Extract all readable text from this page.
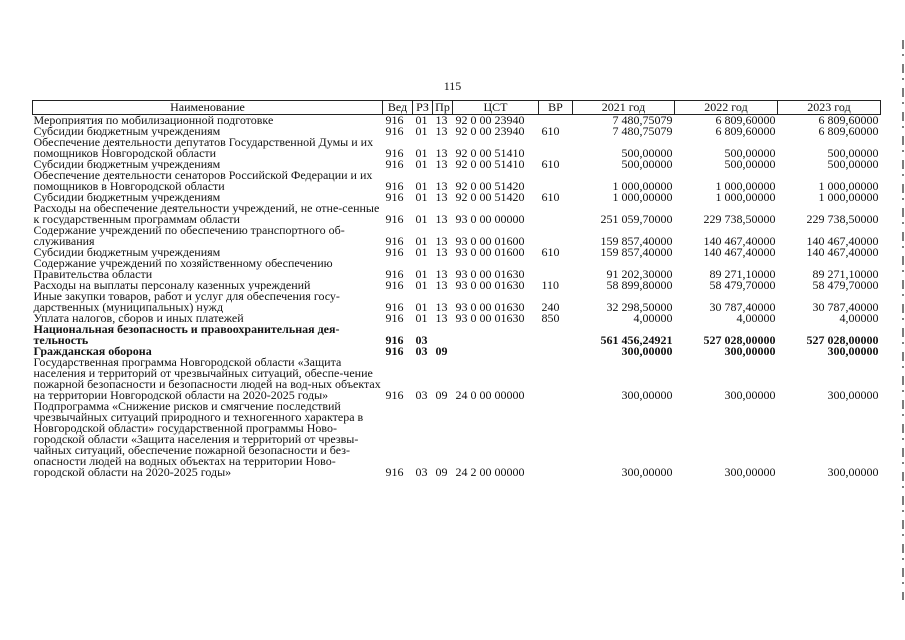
115
Наименование	Вед	РЗ	Пр	ЦСТ	ВР	2021 год	2022 год	2023 год
Мероприятия по мобилизационной подготовке	916	01	13	92 0 00 23940		7 480,75079	6 809,60000	6 809,60000
Субсидии бюджетным учреждениям	916	01	13	92 0 00 23940	610	7 480,75079	6 809,60000	6 809,60000
Обеспечение деятельности депутатов Государственной Думы и их помощников Новгородской области	916	01	13	92 0 00 51410		500,00000	500,00000	500,00000
Субсидии бюджетным учреждениям	916	01	13	92 0 00 51410	610	500,00000	500,00000	500,00000
Обеспечение деятельности сенаторов Российской Федерации и их помощников в Новгородской области	916	01	13	92 0 00 51420		1 000,00000	1 000,00000	1 000,00000
Субсидии бюджетным учреждениям	916	01	13	92 0 00 51420	610	1 000,00000	1 000,00000	1 000,00000
Расходы на обеспечение деятельности учреждений, не отне-сенные к государственным программам области	916	01	13	93 0 00 00000		251 059,70000	229 738,50000	229 738,50000
Содержание учреждений по обеспечению транспортного об-служивания	916	01	13	93 0 00 01600		159 857,40000	140 467,40000	140 467,40000
Субсидии бюджетным учреждениям	916	01	13	93 0 00 01600	610	159 857,40000	140 467,40000	140 467,40000
Содержание учреждений по хозяйственному обеспечению Правительства области	916	01	13	93 0 00 01630		91 202,30000	89 271,10000	89 271,10000
Расходы на выплаты персоналу казенных учреждений	916	01	13	93 0 00 01630	110	58 899,80000	58 479,70000	58 479,70000
Иные закупки товаров, работ и услуг для обеспечения госу-дарственных (муниципальных) нужд	916	01	13	93 0 00 01630	240	32 298,50000	30 787,40000	30 787,40000
Уплата налогов, сборов и иных платежей	916	01	13	93 0 00 01630	850	4,00000	4,00000	4,00000
Национальная безопасность и правоохранительная дея-тельность	916	03				561 456,24921	527 028,00000	527 028,00000
Гражданская оборона	916	03	09			300,00000	300,00000	300,00000
Государственная программа Новгородской области «Защита населения и территорий от чрезвычайных ситуаций, обеспе-чение пожарной безопасности и безопасности людей на вод-ных объектах на территории Новгородской области на 2020-2025 годы»	916	03	09	24 0 00 00000		300,00000	300,00000	300,00000
Подпрограмма «Снижение рисков и смягчение последствий чрезвычайных ситуаций природного и техногенного характера в Новгородской области» государственной программы Ново-городской области «Защита населения и территорий от чрезвы-чайных ситуаций, обеспечение пожарной безопасности и без-опасности людей на водных объектах на территории Ново-городской области на 2020-2025 годы»	916	03	09	24 2 00 00000		300,00000	300,00000	300,00000
